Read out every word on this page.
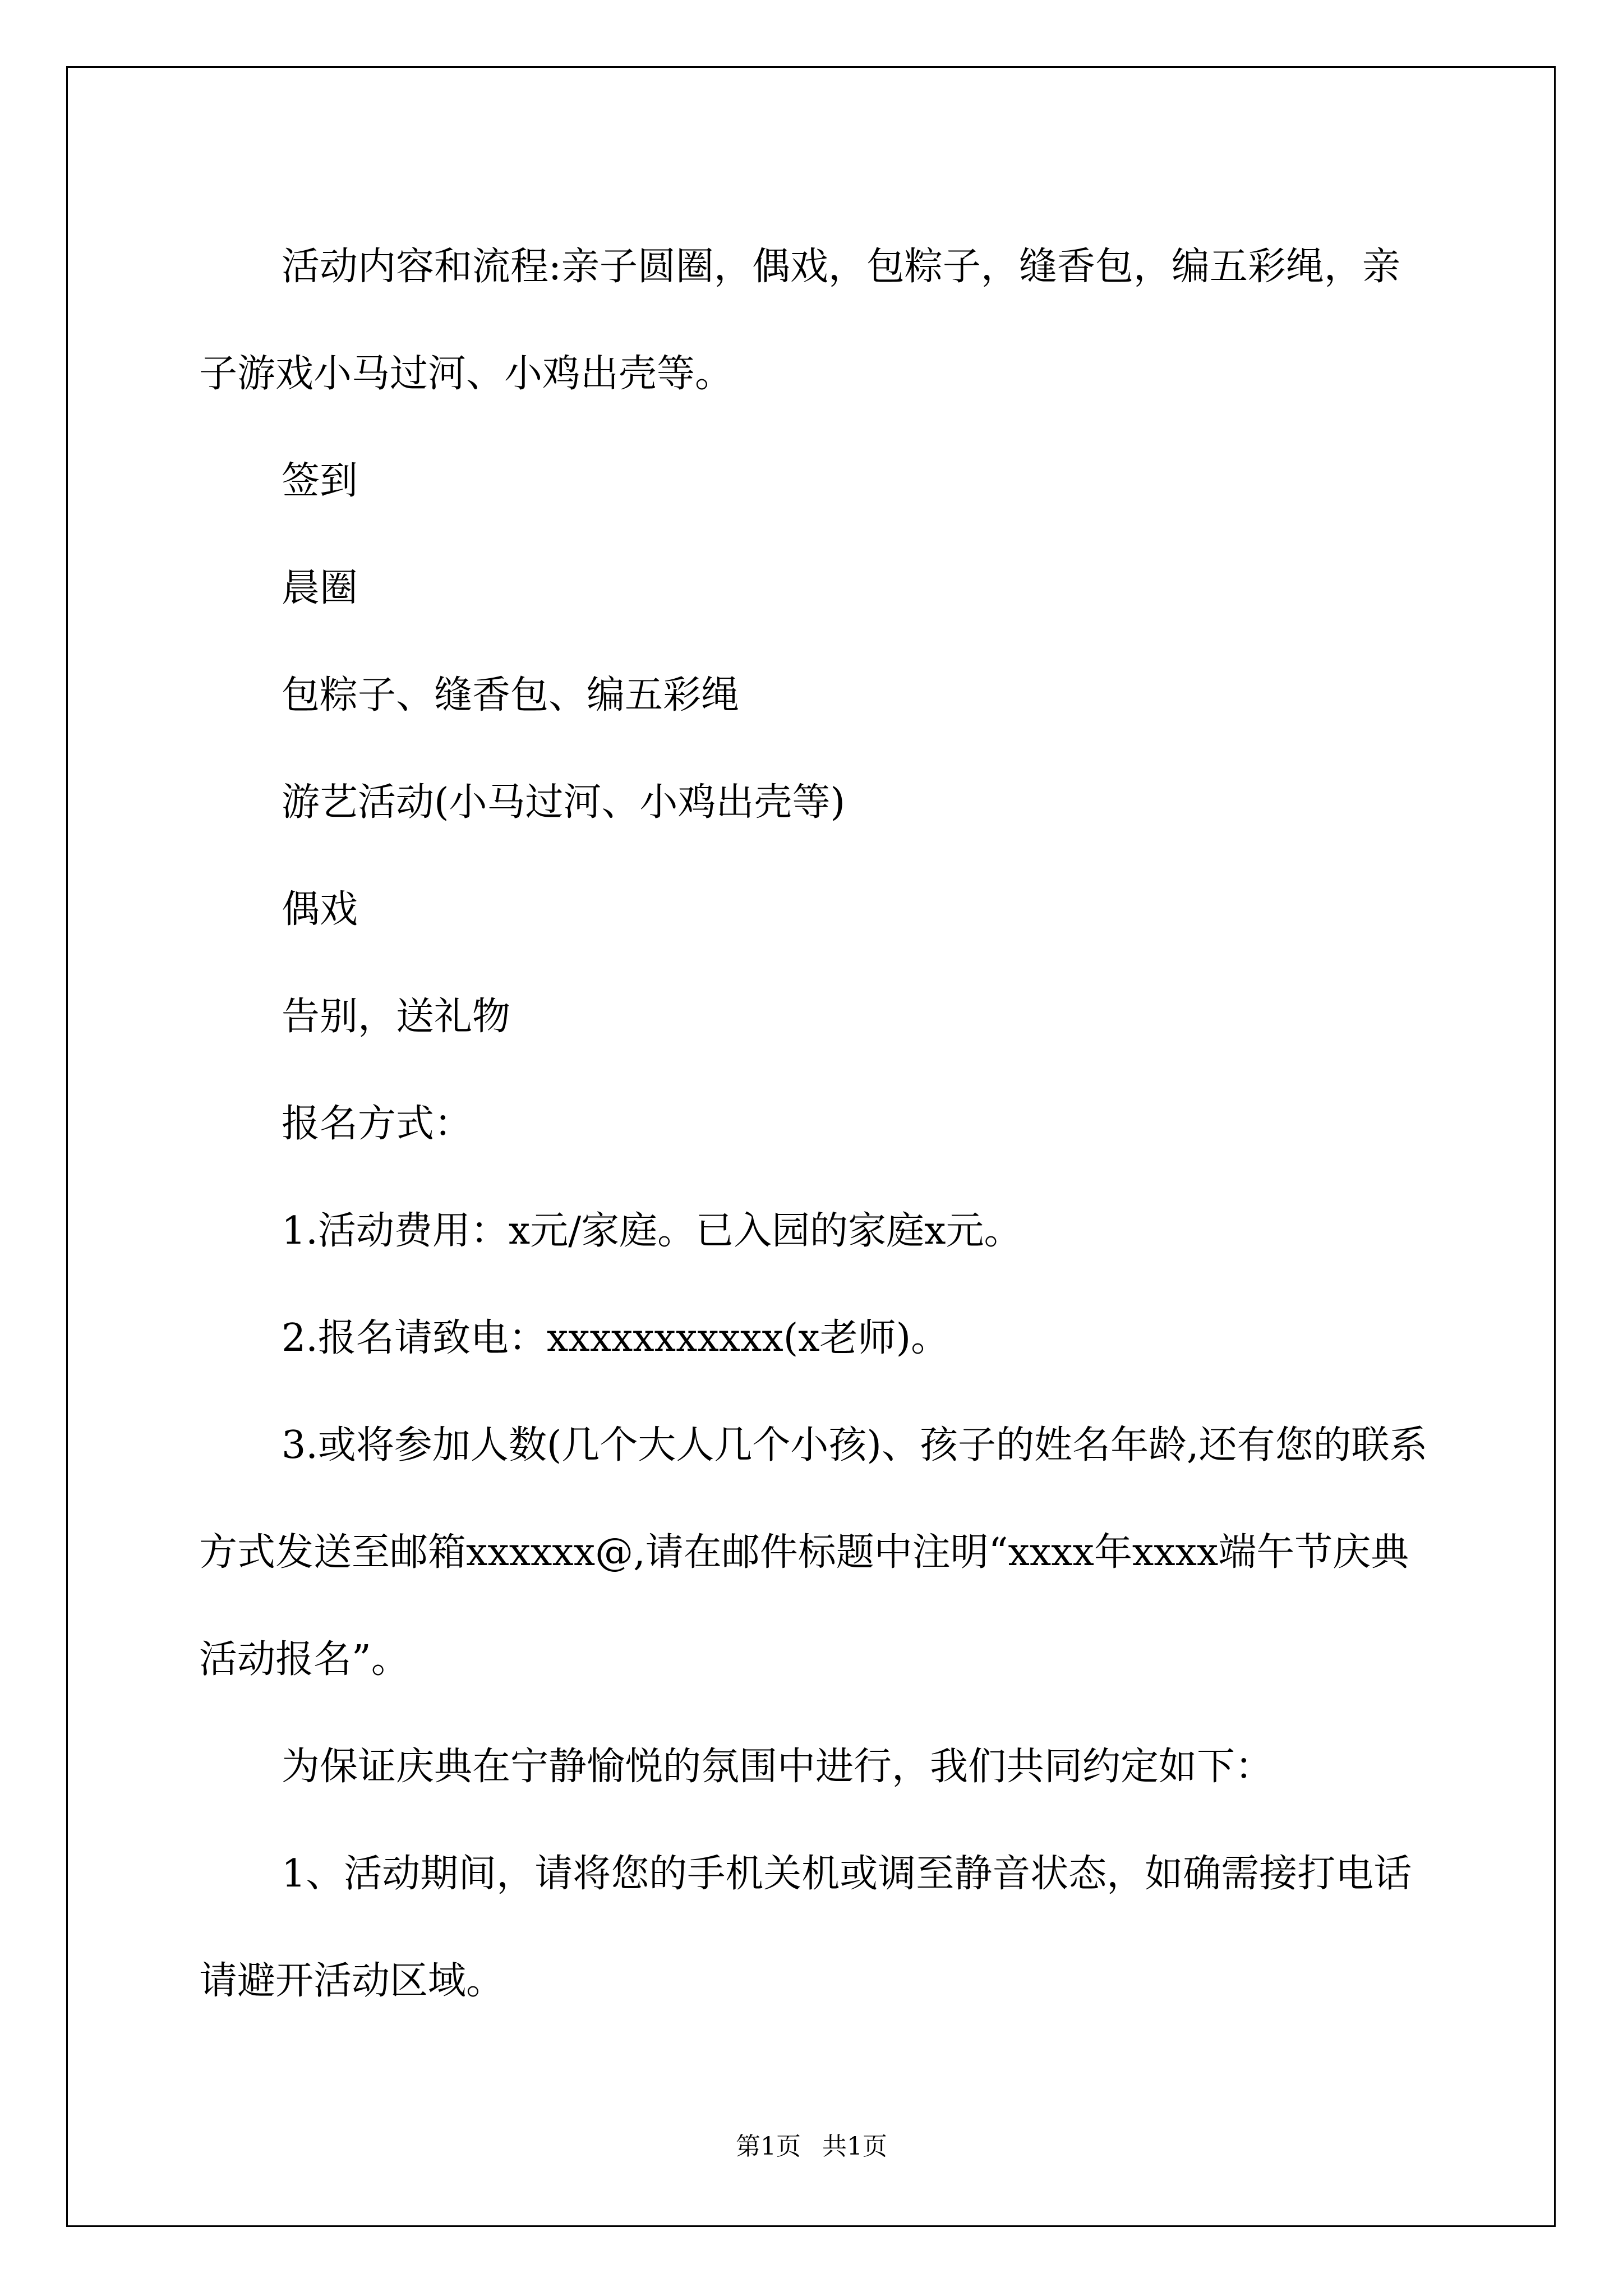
活动内容和流程:亲子圆圈，偶戏，包粽子，缝香包，编五彩绳，亲子游戏小马过河、小鸡出壳等。

签到

晨圈

包粽子、缝香包、编五彩绳

游艺活动(小马过河、小鸡出壳等)

偶戏

告别，送礼物

报名方式：

1.活动费用：x元/家庭。已入园的家庭x元。

2.报名请致电：xxxxxxxxxxx(x老师)。

3.或将参加人数(几个大人几个小孩)、孩子的姓名年龄,还有您的联系方式发送至邮箱xxxxxx@,请在邮件标题中注明“xxxx年xxxx端午节庆典活动报名”。

为保证庆典在宁静愉悦的氛围中进行，我们共同约定如下：

1、活动期间，请将您的手机关机或调至静音状态，如确需接打电话请避开活动区域。

第1页 共1页
